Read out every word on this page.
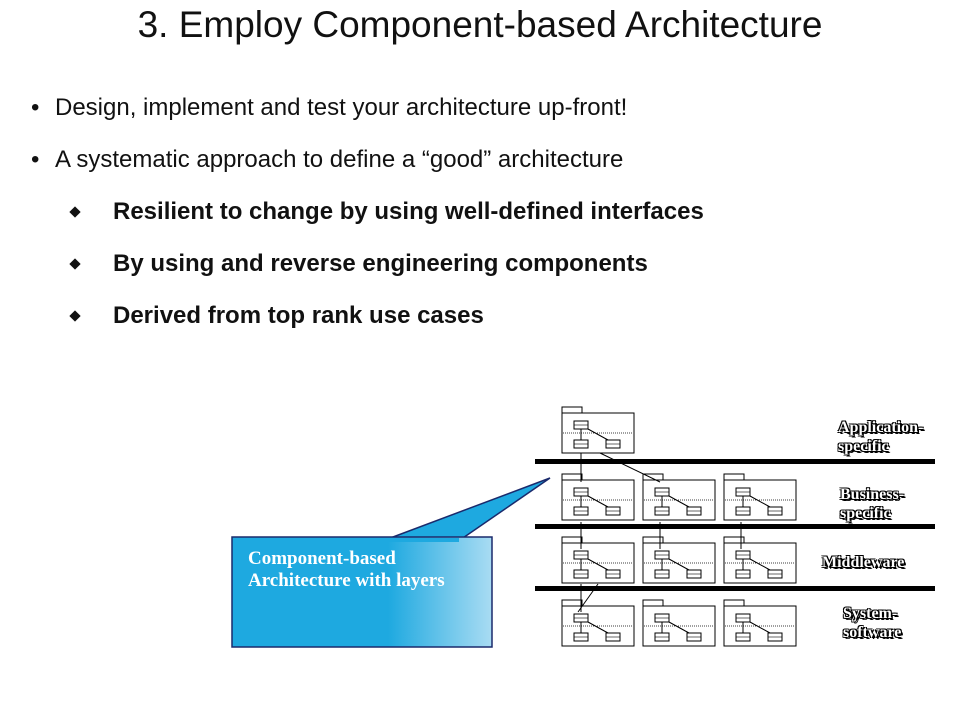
3. Employ Component-based Architecture
• Design, implement and test your architecture up-front!
• A systematic approach to define a “good” architecture
Resilient to change by using well-defined interfaces
By using and reverse engineering components
Derived from top rank use cases
Application-
specific
Business-
specific
Middleware
System-
software
Component-based Architecture with layers
